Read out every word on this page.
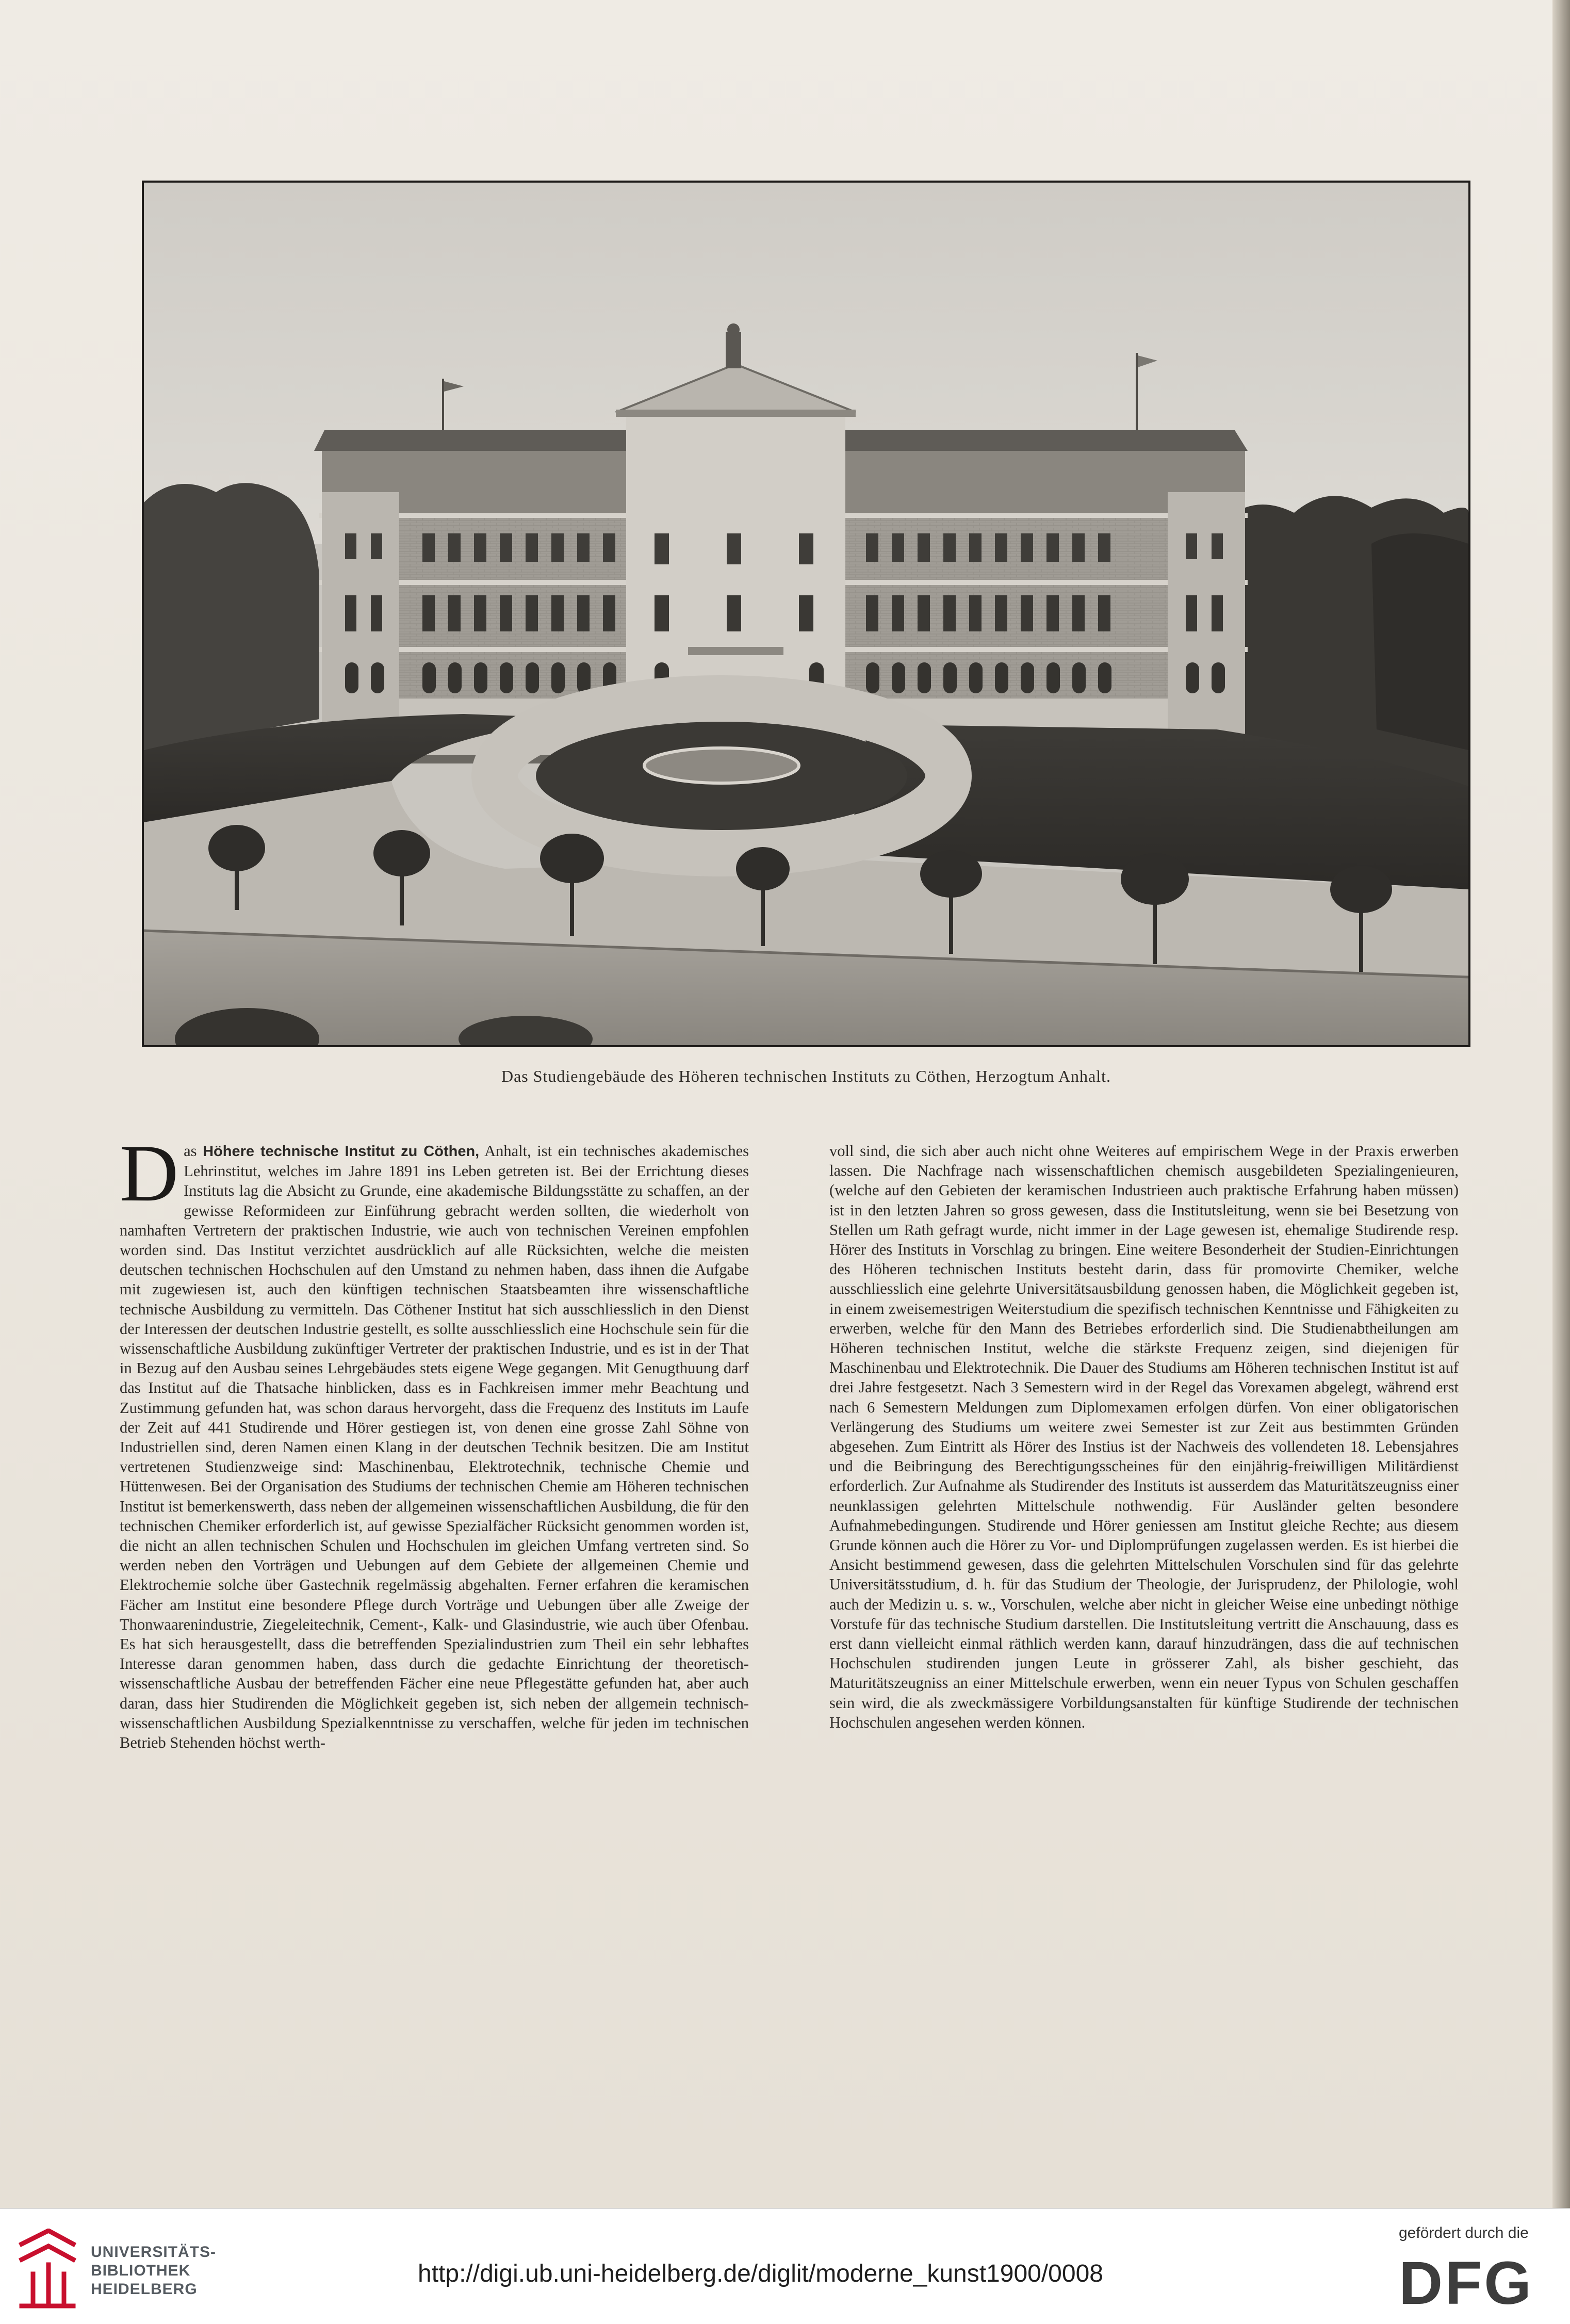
Das Studiengebäude des Höheren technischen Instituts zu Cöthen, Herzogtum Anhalt.

Das Höhere technische Institut zu Cöthen, Anhalt, ist ein technisches akademisches Lehrinstitut, welches im Jahre 1891 ins Leben getreten ist. Bei der Errichtung dieses Instituts lag die Absicht zu Grunde, eine akademische Bildungsstätte zu schaffen, an der gewisse Reformideen zur Einführung gebracht werden sollten, die wiederholt von namhaften Vertretern der praktischen Industrie, wie auch von technischen Vereinen empfohlen worden sind. Das Institut verzichtet ausdrücklich auf alle Rücksichten, welche die meisten deutschen technischen Hochschulen auf den Umstand zu nehmen haben, dass ihnen die Aufgabe mit zugewiesen ist, auch den künftigen technischen Staatsbeamten ihre wissenschaftliche technische Ausbildung zu vermitteln. Das Cöthener Institut hat sich ausschliesslich in den Dienst der Interessen der deutschen Industrie gestellt, es sollte ausschliesslich eine Hochschule sein für die wissenschaftliche Ausbildung zukünftiger Vertreter der praktischen Industrie, und es ist in der That in Bezug auf den Ausbau seines Lehrgebäudes stets eigene Wege gegangen. Mit Genugthuung darf das Institut auf die Thatsache hinblicken, dass es in Fachkreisen immer mehr Beachtung und Zustimmung gefunden hat, was schon daraus hervorgeht, dass die Frequenz des Instituts im Laufe der Zeit auf 441 Studirende und Hörer gestiegen ist, von denen eine grosse Zahl Söhne von Industriellen sind, deren Namen einen Klang in der deutschen Technik besitzen. Die am Institut vertretenen Studienzweige sind: Maschinenbau, Elektrotechnik, technische Chemie und Hüttenwesen. Bei der Organisation des Studiums der technischen Chemie am Höheren technischen Institut ist bemerkenswerth, dass neben der allgemeinen wissenschaftlichen Ausbildung, die für den technischen Chemiker erforderlich ist, auf gewisse Spezialfächer Rücksicht genommen worden ist, die nicht an allen technischen Schulen und Hochschulen im gleichen Umfang vertreten sind. So werden neben den Vorträgen und Uebungen auf dem Gebiete der allgemeinen Chemie und Elektrochemie solche über Gastechnik regelmässig abgehalten. Ferner erfahren die keramischen Fächer am Institut eine besondere Pflege durch Vorträge und Uebungen über alle Zweige der Thonwaarenindustrie, Ziegeleitechnik, Cement-, Kalk- und Glasindustrie, wie auch über Ofenbau. Es hat sich herausgestellt, dass die betreffenden Spezialindustrien zum Theil ein sehr lebhaftes Interesse daran genommen haben, dass durch die gedachte Einrichtung der theoretisch-wissenschaftliche Ausbau der betreffenden Fächer eine neue Pflegestätte gefunden hat, aber auch daran, dass hier Studirenden die Möglichkeit gegeben ist, sich neben der allgemein technisch-wissenschaftlichen Ausbildung Spezialkenntnisse zu verschaffen, welche für jeden im technischen Betrieb Stehenden höchst werth-

voll sind, die sich aber auch nicht ohne Weiteres auf empirischem Wege in der Praxis erwerben lassen. Die Nachfrage nach wissenschaftlichen chemisch ausgebildeten Spezialingenieuren, (welche auf den Gebieten der keramischen Industrieen auch praktische Erfahrung haben müssen) ist in den letzten Jahren so gross gewesen, dass die Institutsleitung, wenn sie bei Besetzung von Stellen um Rath gefragt wurde, nicht immer in der Lage gewesen ist, ehemalige Studirende resp. Hörer des Instituts in Vorschlag zu bringen. Eine weitere Besonderheit der Studien-Einrichtungen des Höheren technischen Instituts besteht darin, dass für promovirte Chemiker, welche ausschliesslich eine gelehrte Universitätsausbildung genossen haben, die Möglichkeit gegeben ist, in einem zweisemestrigen Weiterstudium die spezifisch technischen Kenntnisse und Fähigkeiten zu erwerben, welche für den Mann des Betriebes erforderlich sind. Die Studienabtheilungen am Höheren technischen Institut, welche die stärkste Frequenz zeigen, sind diejenigen für Maschinenbau und Elektrotechnik. Die Dauer des Studiums am Höheren technischen Institut ist auf drei Jahre festgesetzt. Nach 3 Semestern wird in der Regel das Vorexamen abgelegt, während erst nach 6 Semestern Meldungen zum Diplomexamen erfolgen dürfen. Von einer obligatorischen Verlängerung des Studiums um weitere zwei Semester ist zur Zeit aus bestimmten Gründen abgesehen. Zum Eintritt als Hörer des Instius ist der Nachweis des vollendeten 18. Lebensjahres und die Beibringung des Berechtigungsscheines für den einjährig-freiwilligen Militärdienst erforderlich. Zur Aufnahme als Studirender des Instituts ist ausserdem das Maturitätszeugniss einer neunklassigen gelehrten Mittelschule nothwendig. Für Ausländer gelten besondere Aufnahmebedingungen. Studirende und Hörer geniessen am Institut gleiche Rechte; aus diesem Grunde können auch die Hörer zu Vor- und Diplomprüfungen zugelassen werden. Es ist hierbei die Ansicht bestimmend gewesen, dass die gelehrten Mittelschulen Vorschulen sind für das gelehrte Universitätsstudium, d. h. für das Studium der Theologie, der Jurisprudenz, der Philologie, wohl auch der Medizin u. s. w., Vorschulen, welche aber nicht in gleicher Weise eine unbedingt nöthige Vorstufe für das technische Studium darstellen. Die Institutsleitung vertritt die Anschauung, dass es erst dann vielleicht einmal räthlich werden kann, darauf hinzudrängen, dass die auf technischen Hochschulen studirenden jungen Leute in grösserer Zahl, als bisher geschieht, das Maturitätszeugniss an einer Mittelschule erwerben, wenn ein neuer Typus von Schulen geschaffen sein wird, die als zweckmässigere Vorbildungsanstalten für künftige Studirende der technischen Hochschulen angesehen werden können.

UNIVERSITÄTS-
BIBLIOTHEK
HEIDELBERG
http://digi.ub.uni-heidelberg.de/diglit/moderne_kunst1900/0008
gefördert durch die
DFG
